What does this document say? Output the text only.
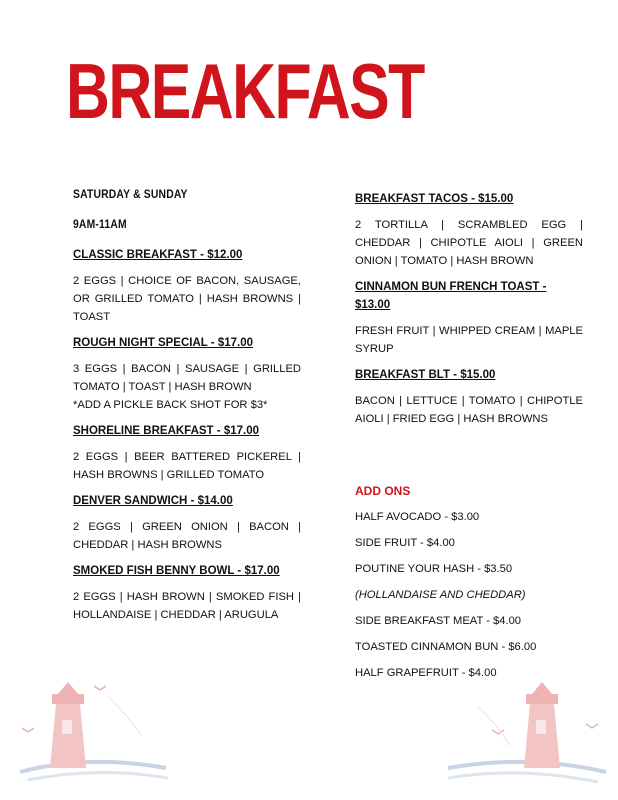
BREAKFAST

SATURDAY & SUNDAY

9AM-11AM

CLASSIC BREAKFAST - $12.00

2 EGGS | CHOICE OF BACON, SAUSAGE, OR GRILLED TOMATO | HASH BROWNS | TOAST

ROUGH NIGHT SPECIAL - $17.00

3 EGGS | BACON | SAUSAGE | GRILLED TOMATO | TOAST | HASH BROWN

*ADD A PICKLE BACK SHOT FOR $3*

SHORELINE BREAKFAST - $17.00

2 EGGS | BEER BATTERED PICKEREL | HASH BROWNS | GRILLED TOMATO

DENVER SANDWICH - $14.00

2 EGGS | GREEN ONION | BACON | CHEDDAR | HASH BROWNS

SMOKED FISH BENNY BOWL - $17.00

2 EGGS | HASH BROWN | SMOKED FISH | HOLLANDAISE | CHEDDAR | ARUGULA

BREAKFAST TACOS - $15.00

2 TORTILLA | SCRAMBLED EGG | CHEDDAR | CHIPOTLE AIOLI | GREEN ONION | TOMATO | HASH BROWN

CINNAMON BUN FRENCH TOAST - $13.00

FRESH FRUIT | WHIPPED CREAM | MAPLE SYRUP

BREAKFAST BLT - $15.00

BACON | LETTUCE | TOMATO | CHIPOTLE AIOLI | FRIED EGG | HASH BROWNS

ADD ONS

HALF AVOCADO - $3.00

SIDE FRUIT - $4.00

POUTINE YOUR HASH - $3.50

(HOLLANDAISE AND CHEDDAR)

SIDE BREAKFAST MEAT - $4.00

TOASTED CINNAMON BUN - $6.00

HALF GRAPEFRUIT - $4.00
